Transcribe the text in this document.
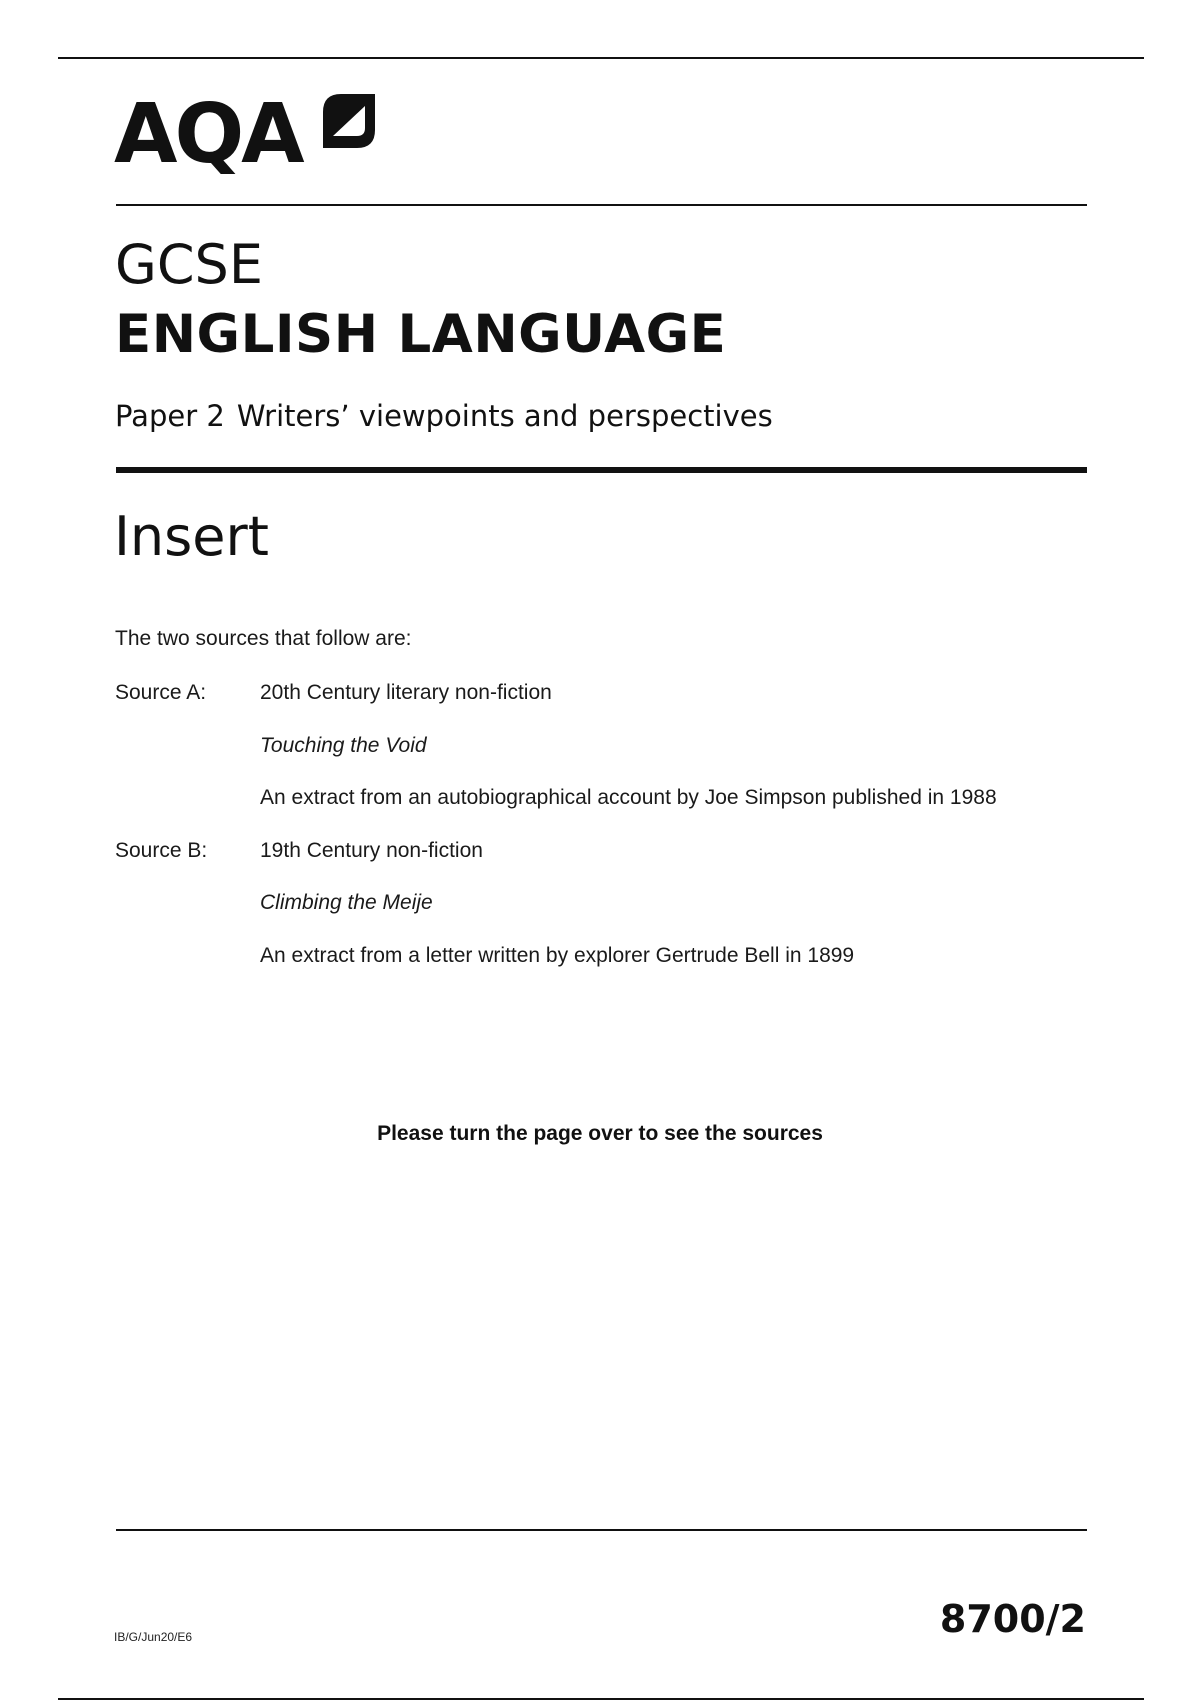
AQA
GCSE
ENGLISH LANGUAGE
Paper 2 Writers’ viewpoints and perspectives
Insert
The two sources that follow are:
Source A:	20th Century literary non-fiction
Touching the Void
An extract from an autobiographical account by Joe Simpson published in 1988
Source B:	19th Century non-fiction
Climbing the Meije
An extract from a letter written by explorer Gertrude Bell in 1899
Please turn the page over to see the sources
IB/G/Jun20/E6	8700/2
